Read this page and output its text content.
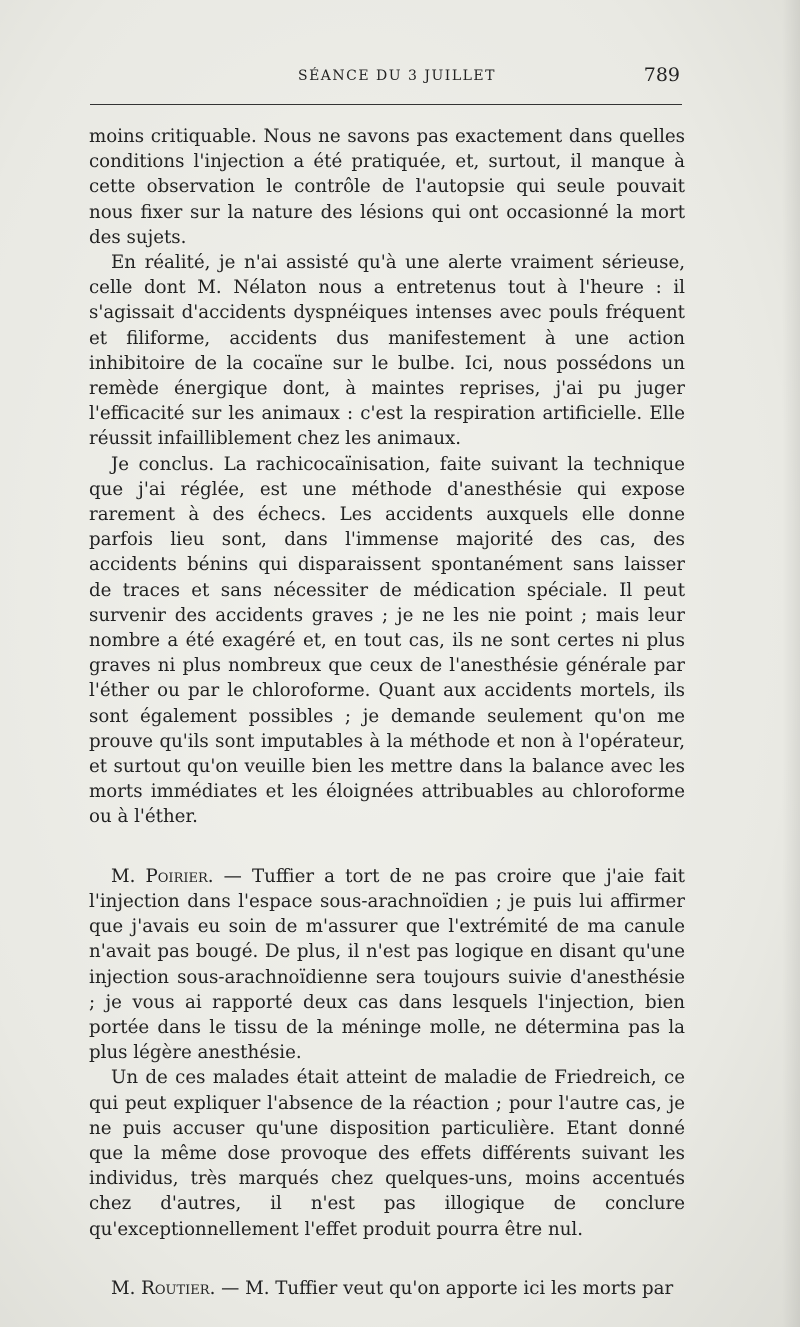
SÉANCE DU 3 JUILLET	789

moins critiquable. Nous ne savons pas exactement dans quelles conditions l'injection a été pratiquée, et, surtout, il manque à cette observation le contrôle de l'autopsie qui seule pouvait nous fixer sur la nature des lésions qui ont occasionné la mort des sujets.

En réalité, je n'ai assisté qu'à une alerte vraiment sérieuse, celle dont M. Nélaton nous a entretenus tout à l'heure : il s'agissait d'accidents dyspnéiques intenses avec pouls fréquent et filiforme, accidents dus manifestement à une action inhibitoire de la cocaïne sur le bulbe. Ici, nous possédons un remède énergique dont, à maintes reprises, j'ai pu juger l'efficacité sur les animaux : c'est la respiration artificielle. Elle réussit infailliblement chez les animaux.

Je conclus. La rachicocaïnisation, faite suivant la technique que j'ai réglée, est une méthode d'anesthésie qui expose rarement à des échecs. Les accidents auxquels elle donne parfois lieu sont, dans l'immense majorité des cas, des accidents bénins qui disparaissent spontanément sans laisser de traces et sans nécessiter de médication spéciale. Il peut survenir des accidents graves ; je ne les nie point ; mais leur nombre a été exagéré et, en tout cas, ils ne sont certes ni plus graves ni plus nombreux que ceux de l'anesthésie générale par l'éther ou par le chloroforme. Quant aux accidents mortels, ils sont également possibles ; je demande seulement qu'on me prouve qu'ils sont imputables à la méthode et non à l'opérateur, et surtout qu'on veuille bien les mettre dans la balance avec les morts immédiates et les éloignées attribuables au chloroforme ou à l'éther.

M. Poirier. — Tuffier a tort de ne pas croire que j'aie fait l'injection dans l'espace sous-arachnoïdien ; je puis lui affirmer que j'avais eu soin de m'assurer que l'extrémité de ma canule n'avait pas bougé. De plus, il n'est pas logique en disant qu'une injection sous-arachnoïdienne sera toujours suivie d'anesthésie ; je vous ai rapporté deux cas dans lesquels l'injection, bien portée dans le tissu de la méninge molle, ne détermina pas la plus légère anesthésie.

Un de ces malades était atteint de maladie de Friedreich, ce qui peut expliquer l'absence de la réaction ; pour l'autre cas, je ne puis accuser qu'une disposition particulière. Etant donné que la même dose provoque des effets différents suivant les individus, très marqués chez quelques-uns, moins accentués chez d'autres, il n'est pas illogique de conclure qu'exceptionnellement l'effet produit pourra être nul.

M. Routier. — M. Tuffier veut qu'on apporte ici les morts par
